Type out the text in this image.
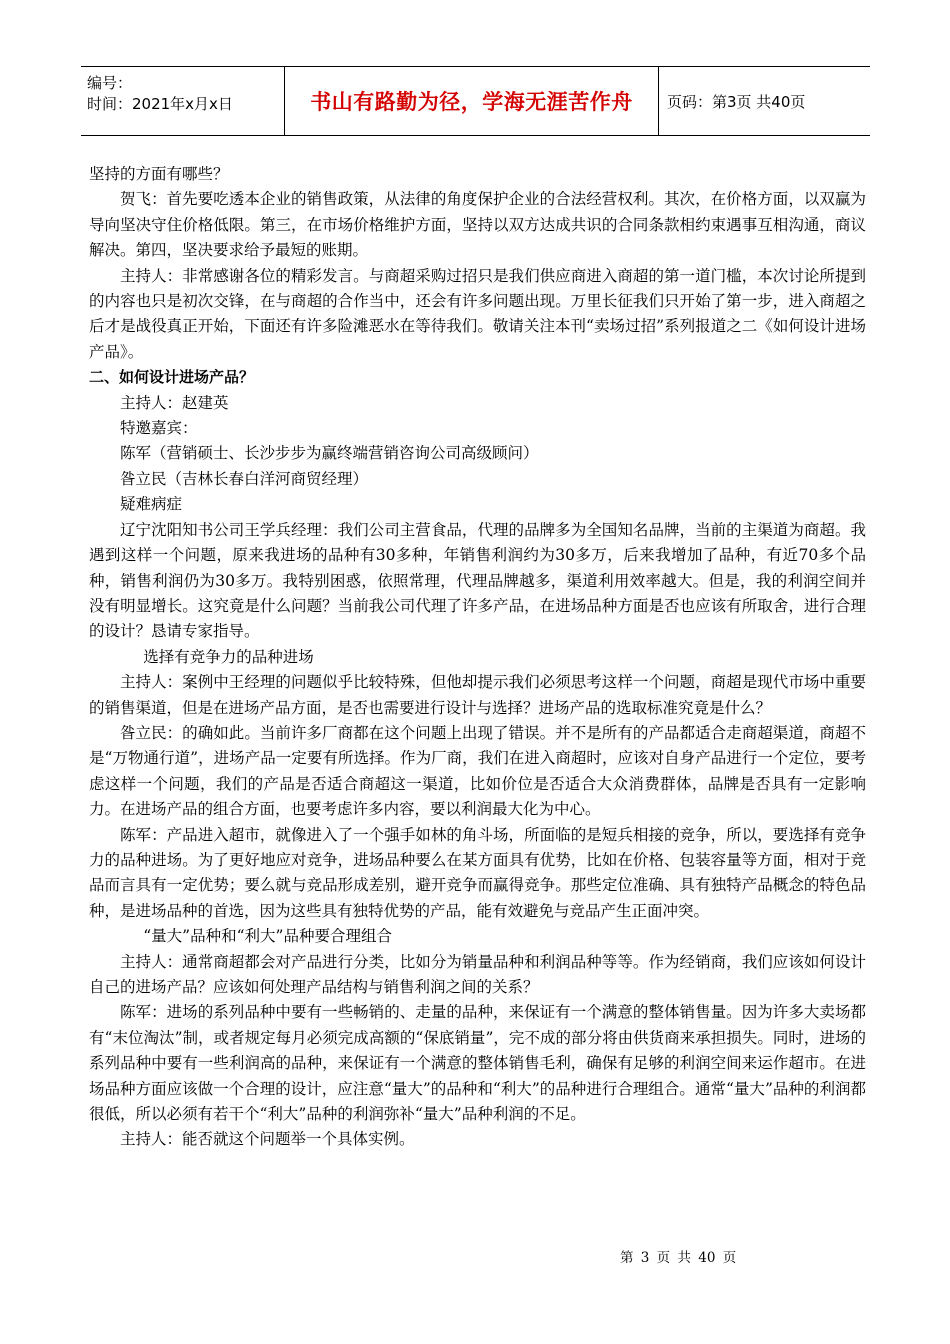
编号：
时间：2021年x月x日	书山有路勤为径，学海无涯苦作舟	页码：第3页 共40页

坚持的方面有哪些？

贺飞：首先要吃透本企业的销售政策，从法律的角度保护企业的合法经营权利。其次，在价格方面，以双赢为导向坚决守住价格低限。第三，在市场价格维护方面，坚持以双方达成共识的合同条款相约束遇事互相沟通，商议解决。第四，坚决要求给予最短的账期。

主持人：非常感谢各位的精彩发言。与商超采购过招只是我们供应商进入商超的第一道门槛，本次讨论所提到的内容也只是初次交锋，在与商超的合作当中，还会有许多问题出现。万里长征我们只开始了第一步，进入商超之后才是战役真正开始，下面还有许多险滩恶水在等待我们。敬请关注本刊“卖场过招”系列报道之二《如何设计进场产品》。

二、如何设计进场产品？

主持人：赵建英

特邀嘉宾：

陈军（营销硕士、长沙步步为赢终端营销咨询公司高级顾问）

昝立民（吉林长春白洋河商贸经理）

疑难病症

辽宁沈阳知书公司王学兵经理：我们公司主营食品，代理的品牌多为全国知名品牌，当前的主渠道为商超。我遇到这样一个问题，原来我进场的品种有30多种，年销售利润约为30多万，后来我增加了品种，有近70多个品种，销售利润仍为30多万。我特别困惑，依照常理，代理品牌越多，渠道利用效率越大。但是，我的利润空间并没有明显增长。这究竟是什么问题？当前我公司代理了许多产品，在进场品种方面是否也应该有所取舍，进行合理的设计？恳请专家指导。

选择有竞争力的品种进场

主持人：案例中王经理的问题似乎比较特殊，但他却提示我们必须思考这样一个问题，商超是现代市场中重要的销售渠道，但是在进场产品方面，是否也需要进行设计与选择？进场产品的选取标准究竟是什么？

昝立民：的确如此。当前许多厂商都在这个问题上出现了错误。并不是所有的产品都适合走商超渠道，商超不是“万物通行道”，进场产品一定要有所选择。作为厂商，我们在进入商超时，应该对自身产品进行一个定位，要考虑这样一个问题，我们的产品是否适合商超这一渠道，比如价位是否适合大众消费群体，品牌是否具有一定影响力。在进场产品的组合方面，也要考虑许多内容，要以利润最大化为中心。

陈军：产品进入超市，就像进入了一个强手如林的角斗场，所面临的是短兵相接的竞争，所以，要选择有竞争力的品种进场。为了更好地应对竞争，进场品种要么在某方面具有优势，比如在价格、包装容量等方面，相对于竞品而言具有一定优势；要么就与竞品形成差别，避开竞争而赢得竞争。那些定位准确、具有独特产品概念的特色品种，是进场品种的首选，因为这些具有独特优势的产品，能有效避免与竞品产生正面冲突。

“量大”品种和“利大”品种要合理组合

主持人：通常商超都会对产品进行分类，比如分为销量品种和利润品种等等。作为经销商，我们应该如何设计自己的进场产品？应该如何处理产品结构与销售利润之间的关系？

陈军：进场的系列品种中要有一些畅销的、走量的品种，来保证有一个满意的整体销售量。因为许多大卖场都有“末位淘汰”制，或者规定每月必须完成高额的“保底销量”，完不成的部分将由供货商来承担损失。同时，进场的系列品种中要有一些利润高的品种，来保证有一个满意的整体销售毛利，确保有足够的利润空间来运作超市。在进场品种方面应该做一个合理的设计，应注意“量大”的品种和“利大”的品种进行合理组合。通常“量大”品种的利润都很低，所以必须有若干个“利大”品种的利润弥补“量大”品种利润的不足。

主持人：能否就这个问题举一个具体实例。

第 3 页 共 40 页
